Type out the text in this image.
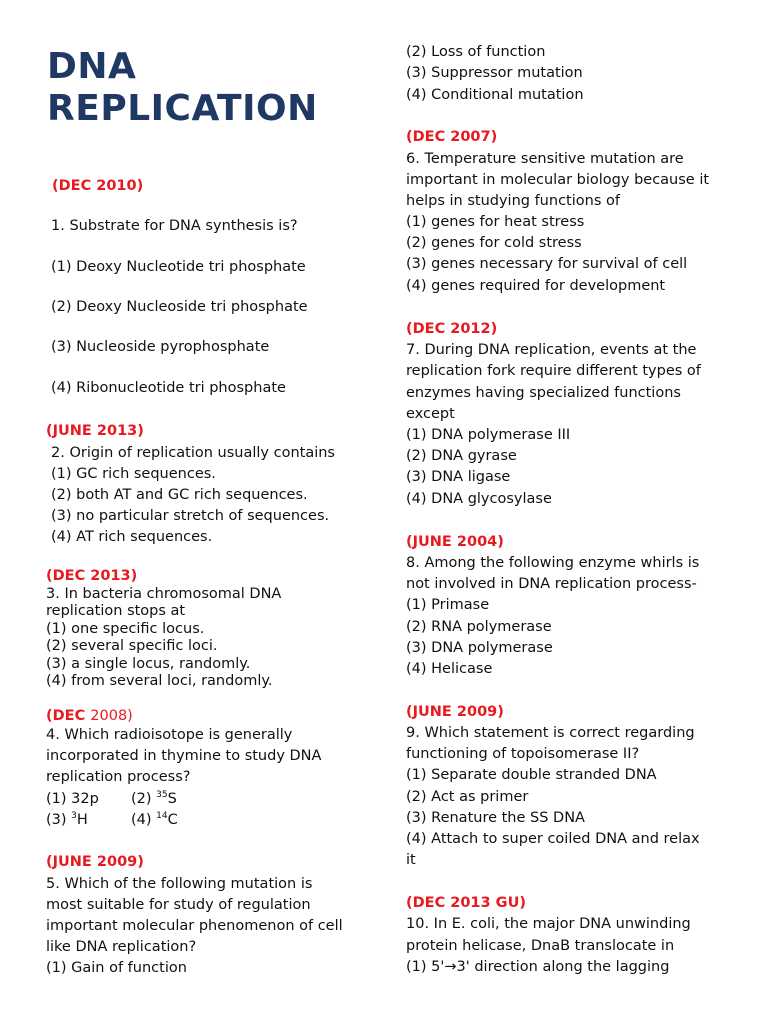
DNA
REPLICATION
(DEC 2010)
1. Substrate for DNA synthesis is?
(1) Deoxy Nucleotide tri phosphate
(2) Deoxy Nucleoside tri phosphate
(3) Nucleoside pyrophosphate
(4) Ribonucleotide tri phosphate
(JUNE 2013)
2. Origin of replication usually contains
(1) GC rich sequences.
(2) both AT and GC rich sequences.
(3) no particular stretch of sequences.
(4) AT rich sequences.
(DEC 2013)
3. In bacteria chromosomal DNA
replication stops at
(1) one specific locus.
(2) several specific loci.
(3) a single locus, randomly.
(4) from several loci, randomly.
(DEC 2008)
4. Which radioisotope is generally
incorporated in thymine to study DNA
replication process?
(1) 32p (2) $^{35}$S
(3) $^3$H	(4) $^{14}$C
(JUNE 2009)
5. Which of the following mutation is
most suitable for study of regulation
important molecular phenomenon of cell
like DNA replication?
(1) Gain of function
(2) Loss of function
(3) Suppressor mutation
(4) Conditional mutation
(DEC 2007)
6. Temperature sensitive mutation are
important in molecular biology because it
helps in studying functions of
(1) genes for heat stress
(2) genes for cold stress
(3) genes necessary for survival of cell
(4) genes required for development
(DEC 2012)
7. During DNA replication, events at the
replication fork require different types of
enzymes having specialized functions
except
(1) DNA polymerase III
(2) DNA gyrase
(3) DNA ligase
(4) DNA glycosylase
(JUNE 2004)
8. Among the following enzyme whirls is
not involved in DNA replication process-
(1) Primase
(2) RNA polymerase
(3) DNA polymerase
(4) Helicase
(JUNE 2009)
9. Which statement is correct regarding
functioning of topoisomerase II?
(1) Separate double stranded DNA
(2) Act as primer
(3) Renature the SS DNA
(4) Attach to super coiled DNA and relax
it
(DEC 2013 GU)
10. In E. coli, the major DNA unwinding
protein helicase, DnaB translocate in
(1) 5'→3' direction along the lagging
